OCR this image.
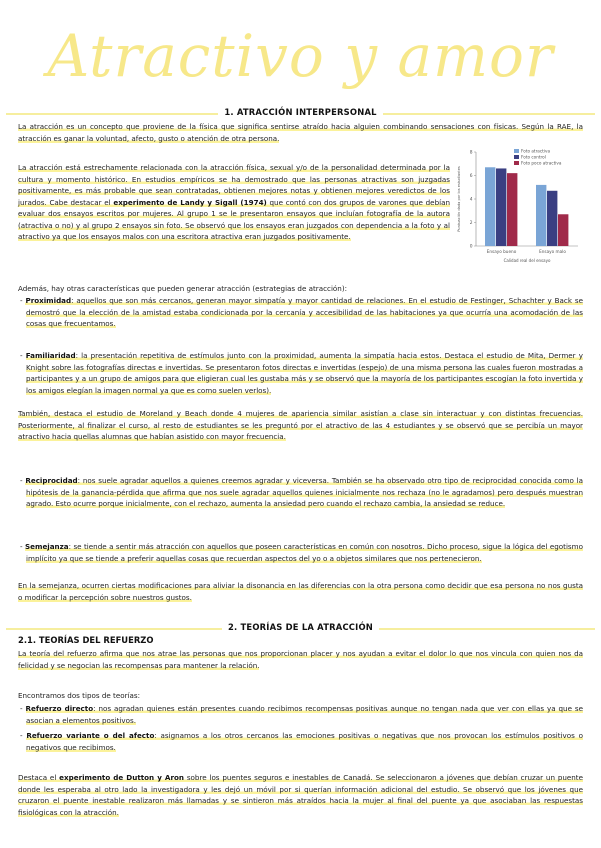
Atractivo y amor
1. ATRACCIÓN INTERPERSONAL

La atracción es un concepto que proviene de la física que significa sentirse atraído hacia alguien combinando sensaciones con físicas. Según la RAE, la atracción es ganar la voluntad, afecto, gusto o atención de otra persona.

La atracción está estrechamente relacionada con la atracción física, sexual y/o de la personalidad determinada por la cultura y momento histórico. En estudios empíricos se ha demostrado que las personas atractivas son juzgadas positivamente, es más probable que sean contratadas, obtienen mejores notas y obtienen mejores veredictos de los jurados. Cabe destacar el experimento de Landy y Sigall (1974) que contó con dos grupos de varones que debían evaluar dos ensayos escritos por mujeres. Al grupo 1 se le presentaron ensayos que incluían fotografía de la autora (atractiva o no) y al grupo 2 ensayos sin foto. Se observó que los ensayos eran juzgados con dependencia a la foto y al atractivo ya que los ensayos malos con una escritora atractiva eran juzgados positivamente.

0
2
4
6
8
Puntuación dada por los estudiantes
Calidad real del ensayo
Ensayo bueno	Ensayo malo
Foto atractiva
Foto control
Foto poco atractiva

Además, hay otras características que pueden generar atracción (estrategias de atracción):

- Proximidad: aquellos que son más cercanos, generan mayor simpatía y mayor cantidad de relaciones. En el estudio de Festinger, Schachter y Back se demostró que la elección de la amistad estaba condicionada por la cercanía y accesibilidad de las habitaciones ya que ocurría una acomodación de las cosas que frecuentamos.

- Familiaridad: la presentación repetitiva de estímulos junto con la proximidad, aumenta la simpatía hacia estos. Destaca el estudio de Mita, Dermer y Knight sobre las fotografías directas e invertidas. Se presentaron fotos directas e invertidas (espejo) de una misma persona las cuales fueron mostradas a participantes y a un grupo de amigos para que eligieran cual les gustaba más y se observó que la mayoría de los participantes escogían la foto invertida y los amigos elegían la imagen normal ya que es como suelen verlos).

También, destaca el estudio de Moreland y Beach donde 4 mujeres de apariencia similar asistían a clase sin interactuar y con distintas frecuencias. Posteriormente, al finalizar el curso, al resto de estudiantes se les preguntó por el atractivo de las 4 estudiantes y se observó que se percibía un mayor atractivo hacia quellas alumnas que habían asistido con mayor frecuencia.

- Reciprocidad: nos suele agradar aquellos a quienes creemos agradar y viceversa. También se ha observado otro tipo de reciprocidad conocida como la hipótesis de la ganancia-pérdida que afirma que nos suele agradar aquellos quienes inicialmente nos rechaza (no le agradamos) pero después muestran agrado. Esto ocurre porque inicialmente, con el rechazo, aumenta la ansiedad pero cuando el rechazo cambia, la ansiedad se reduce.

- Semejanza: se tiende a sentir más atracción con aquellos que poseen características en común con nosotros. Dicho proceso, sigue la lógica del egotismo implícito ya que se tiende a preferir aquellas cosas que recuerdan aspectos del yo o a objetos similares que nos pertenecieron.

En la semejanza, ocurren ciertas modificaciones para aliviar la disonancia en las diferencias con la otra persona como decidir que esa persona no nos gusta o modificar la percepción sobre nuestros gustos.

2. TEORÍAS DE LA ATRACCIÓN
2.1. TEORÍAS DEL REFUERZO

La teoría del refuerzo afirma que nos atrae las personas que nos proporcionan placer y nos ayudan a evitar el dolor lo que nos vincula con quien nos da felicidad y se negocian las recompensas para mantener la relación.

Encontramos dos tipos de teorías:

- Refuerzo directo: nos agradan quienes están presentes cuando recibimos recompensas positivas aunque no tengan nada que ver con ellas ya que se asocian a elementos positivos.

- Refuerzo variante o del afecto: asignamos a los otros cercanos las emociones positivas o negativas que nos provocan los estímulos positivos o negativos que recibimos.

Destaca el experimento de Dutton y Aron sobre los puentes seguros e inestables de Canadá. Se seleccionaron a jóvenes que debían cruzar un puente donde les esperaba al otro lado la investigadora y les dejó un móvil por si querían información adicional del estudio. Se observó que los jóvenes que cruzaron el puente inestable realizaron más llamadas y se sintieron más atraídos hacia la mujer al final del puente ya que asociaban las respuestas fisiológicas con la atracción.
